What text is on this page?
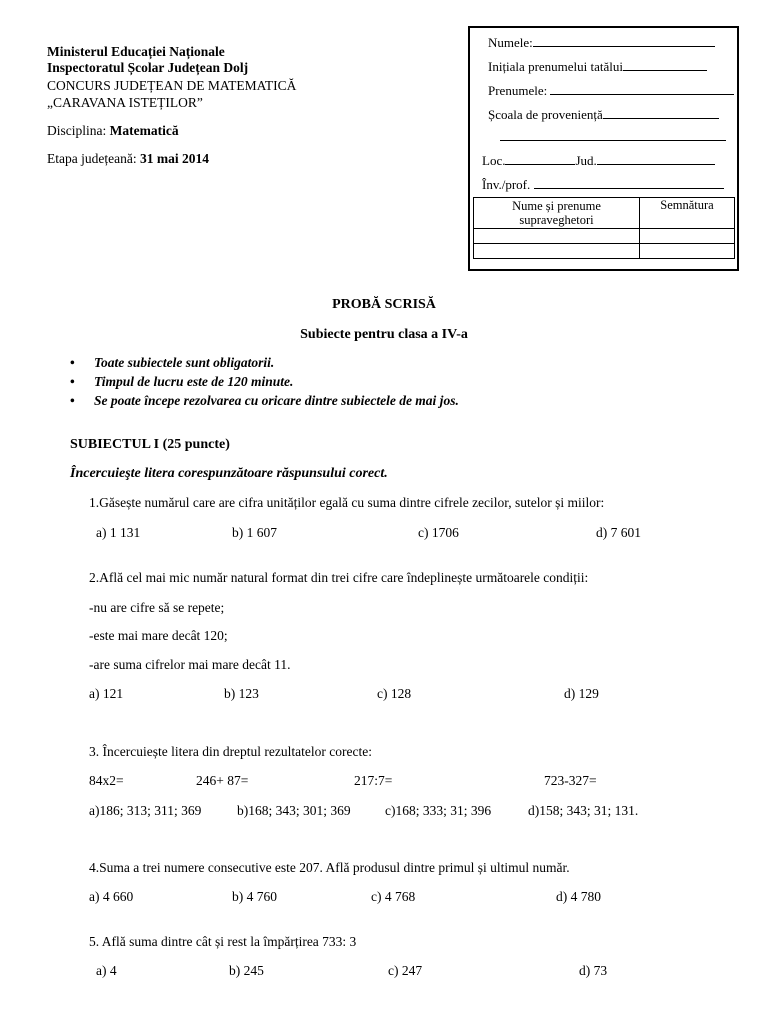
Ministerul Educației Naționale
Inspectoratul Școlar Județean Dolj
CONCURS JUDEȚEAN DE MATEMATICĂ
„CARAVANA ISTEȚILOR”
Disciplina: Matematică
Etapa județeană: 31 mai 2014
Numele:
Inițiala prenumelui tatălui
Prenumele:
Școala de proveniență
Loc.	Jud.
Înv./prof.
Nume și prenume supraveghetori	Semnătura

PROBĂ SCRISĂ
Subiecte pentru clasa a IV-a
• Toate subiectele sunt obligatorii.
• Timpul de lucru este de 120 minute.
• Se poate începe rezolvarea cu oricare dintre subiectele de mai jos.
SUBIECTUL I (25 puncte)
Încercuieşte litera corespunzătoare răspunsului corect.
1.Găsește numărul care are cifra unităților egală cu suma dintre cifrele zecilor, sutelor și miilor:
a) 1 131	b) 1 607	c) 1706	d) 7 601
2.Află cel mai mic număr natural format din trei cifre care îndeplinește următoarele condiții:
-nu are cifre să se repete;
-este mai mare decât 120;
-are suma cifrelor mai mare decât 11.
a) 121	b) 123	c) 128	d) 129
3. Încercuiește litera din dreptul rezultatelor corecte:
84x2=	246+ 87=	217:7=	723-327=
a)186; 313; 311; 369	b)168; 343; 301; 369	c)168; 333; 31; 396	d)158; 343; 31; 131.
4.Suma a trei numere consecutive este 207. Află produsul dintre primul și ultimul număr.
a) 4 660	b) 4 760	c) 4 768	d) 4 780
5. Află suma dintre cât și rest la împărțirea 733: 3
a) 4	b) 245	c) 247	d) 73
